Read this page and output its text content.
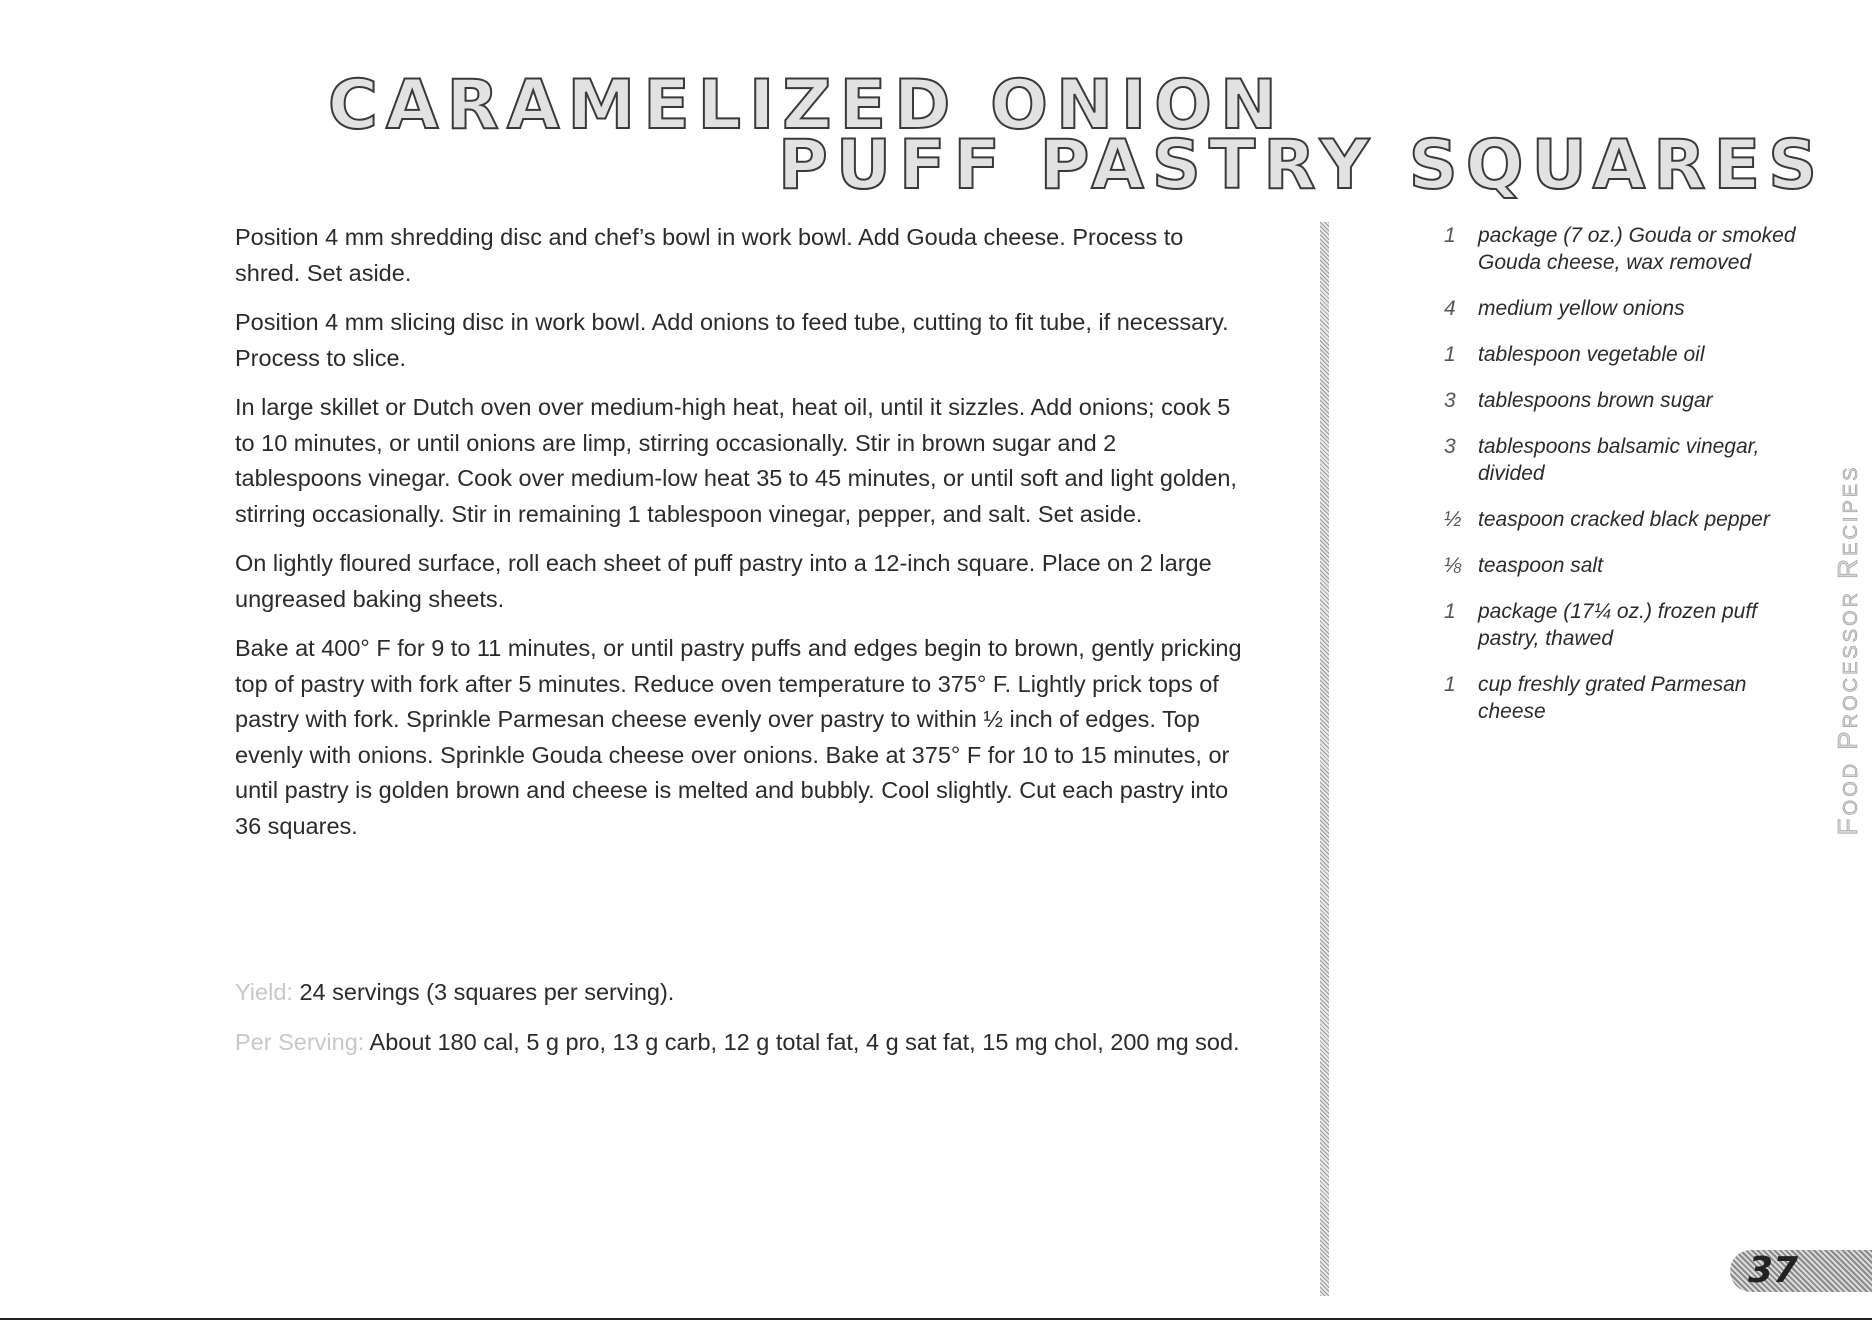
CARAMELIZED ONION
PUFF PASTRY SQUARES

Position 4 mm shredding disc and chef’s bowl in work bowl. Add Gouda cheese. Process to shred. Set aside.

Position 4 mm slicing disc in work bowl. Add onions to feed tube, cutting to fit tube, if necessary. Process to slice.

In large skillet or Dutch oven over medium-high heat, heat oil, until it sizzles. Add onions; cook 5 to 10 minutes, or until onions are limp, stirring occasionally. Stir in brown sugar and 2 tablespoons vinegar. Cook over medium-low heat 35 to 45 minutes, or until soft and light golden, stirring occasionally. Stir in remaining 1 tablespoon vinegar, pepper, and salt. Set aside.

On lightly floured surface, roll each sheet of puff pastry into a 12-inch square. Place on 2 large ungreased baking sheets.

Bake at 400° F for 9 to 11 minutes, or until pastry puffs and edges begin to brown, gently pricking top of pastry with fork after 5 minutes. Reduce oven temperature to 375° F. Lightly prick tops of pastry with fork. Sprinkle Parmesan cheese evenly over pastry to within ½ inch of edges. Top evenly with onions. Sprinkle Gouda cheese over onions. Bake at 375° F for 10 to 15 minutes, or until pastry is golden brown and cheese is melted and bubbly. Cool slightly. Cut each pastry into 36 squares.

Yield: 24 servings (3 squares per serving).

Per Serving: About 180 cal, 5 g pro, 13 g carb, 12 g total fat, 4 g sat fat, 15 mg chol, 200 mg sod.

1	package (7 oz.) Gouda or smoked Gouda cheese, wax removed
4	medium yellow onions
1	tablespoon vegetable oil
3	tablespoons brown sugar
3	tablespoons balsamic vinegar, divided
½ teaspoon cracked black pepper
⅛ teaspoon salt
1	package (17¼ oz.) frozen puff pastry, thawed
1	cup freshly grated Parmesan cheese	Food Processor Recipes
37
